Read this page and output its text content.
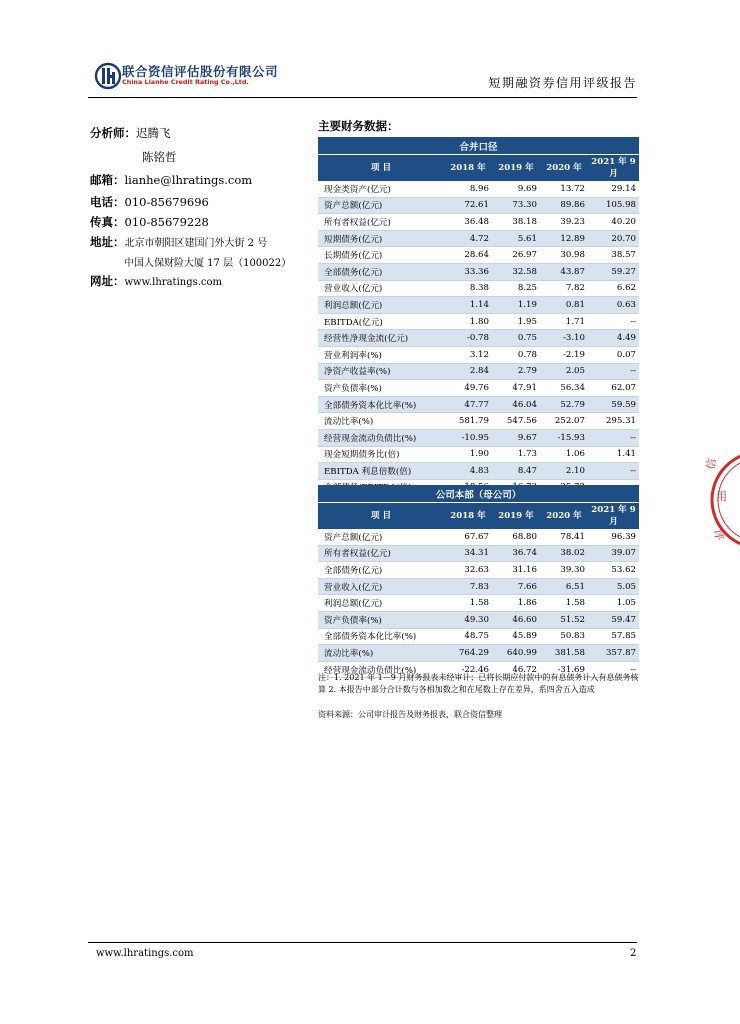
联合资信评估股份有限公司
China Lianhe Credit Rating Co.,Ltd.	短期融资券信用评级报告
分析师：迟腾飞
陈铭哲
邮箱：lianhe@lhratings.com
电话：010-85679696
传真：010-85679228
地址：北京市朝阳区建国门外大街 2 号
中国人保财险大厦 17 层（100022）
网址：www.lhratings.com
主要财务数据：
合并口径				
项 目	2018 年	2019 年	2020 年	2021 年 9 月
现金类资产(亿元)	8.96	9.69	13.72	29.14
资产总额(亿元)	72.61	73.30	89.86	105.98
所有者权益(亿元)	36.48	38.18	39.23	40.20
短期债务(亿元)	4.72	5.61	12.89	20.70
长期债务(亿元)	28.64	26.97	30.98	38.57
全部债务(亿元)	33.36	32.58	43.87	59.27
营业收入(亿元)	8.38	8.25	7.82	6.62
利润总额(亿元)	1.14	1.19	0.81	0.63
EBITDA(亿元)	1.80	1.95	1.71	--
经营性净现金流(亿元)	-0.78	0.75	-3.10	4.49
营业利润率(%)	3.12	0.78	-2.19	0.07
净资产收益率(%)	2.84	2.79	2.05	--
资产负债率(%)	49.76	47.91	56.34	62.07
全部债务资本化比率(%)	47.77	46.04	52.79	59.59
流动比率(%)	581.79	547.56	252.07	295.31
经营现金流动负债比(%)	-10.95	9.67	-15.93	--
现金短期债务比(倍)	1.90	1.73	1.06	1.41
EBITDA 利息倍数(倍)	4.83	8.47	2.10	--

公司本部（母公司）				
项 目	2018 年	2019 年	2020 年	2021 年 9 月
资产总额(亿元)	67.67	68.80	78.41	96.39
所有者权益(亿元)	34.31	36.74	38.02	39.07
全部债务(亿元)	32.63	31.16	39.30	53.62
营业收入(亿元)	7.83	7.66	6.51	5.05
利润总额(亿元)	1.58	1.86	1.58	1.05
资产负债率(%)	49.30	46.60	51.52	59.47
全部债务资本化比率(%)	48.75	45.89	50.83	57.85
流动比率(%)	764.29	640.99	381.58	357.87
经营现金流动负债比(%)	-22.46	46.72	-31.69	--
注：1. 2021 年 1－9 月财务报表未经审计；已将长期应付款中的有息债务计入有息债务核算 2. 本报告中部分合计数与各相加数之和在尾数上存在差异，系四舍五入造成
资料来源：公司审计报告及财务报表，联合资信整理
信
用
评
www.lhratings.com	2
